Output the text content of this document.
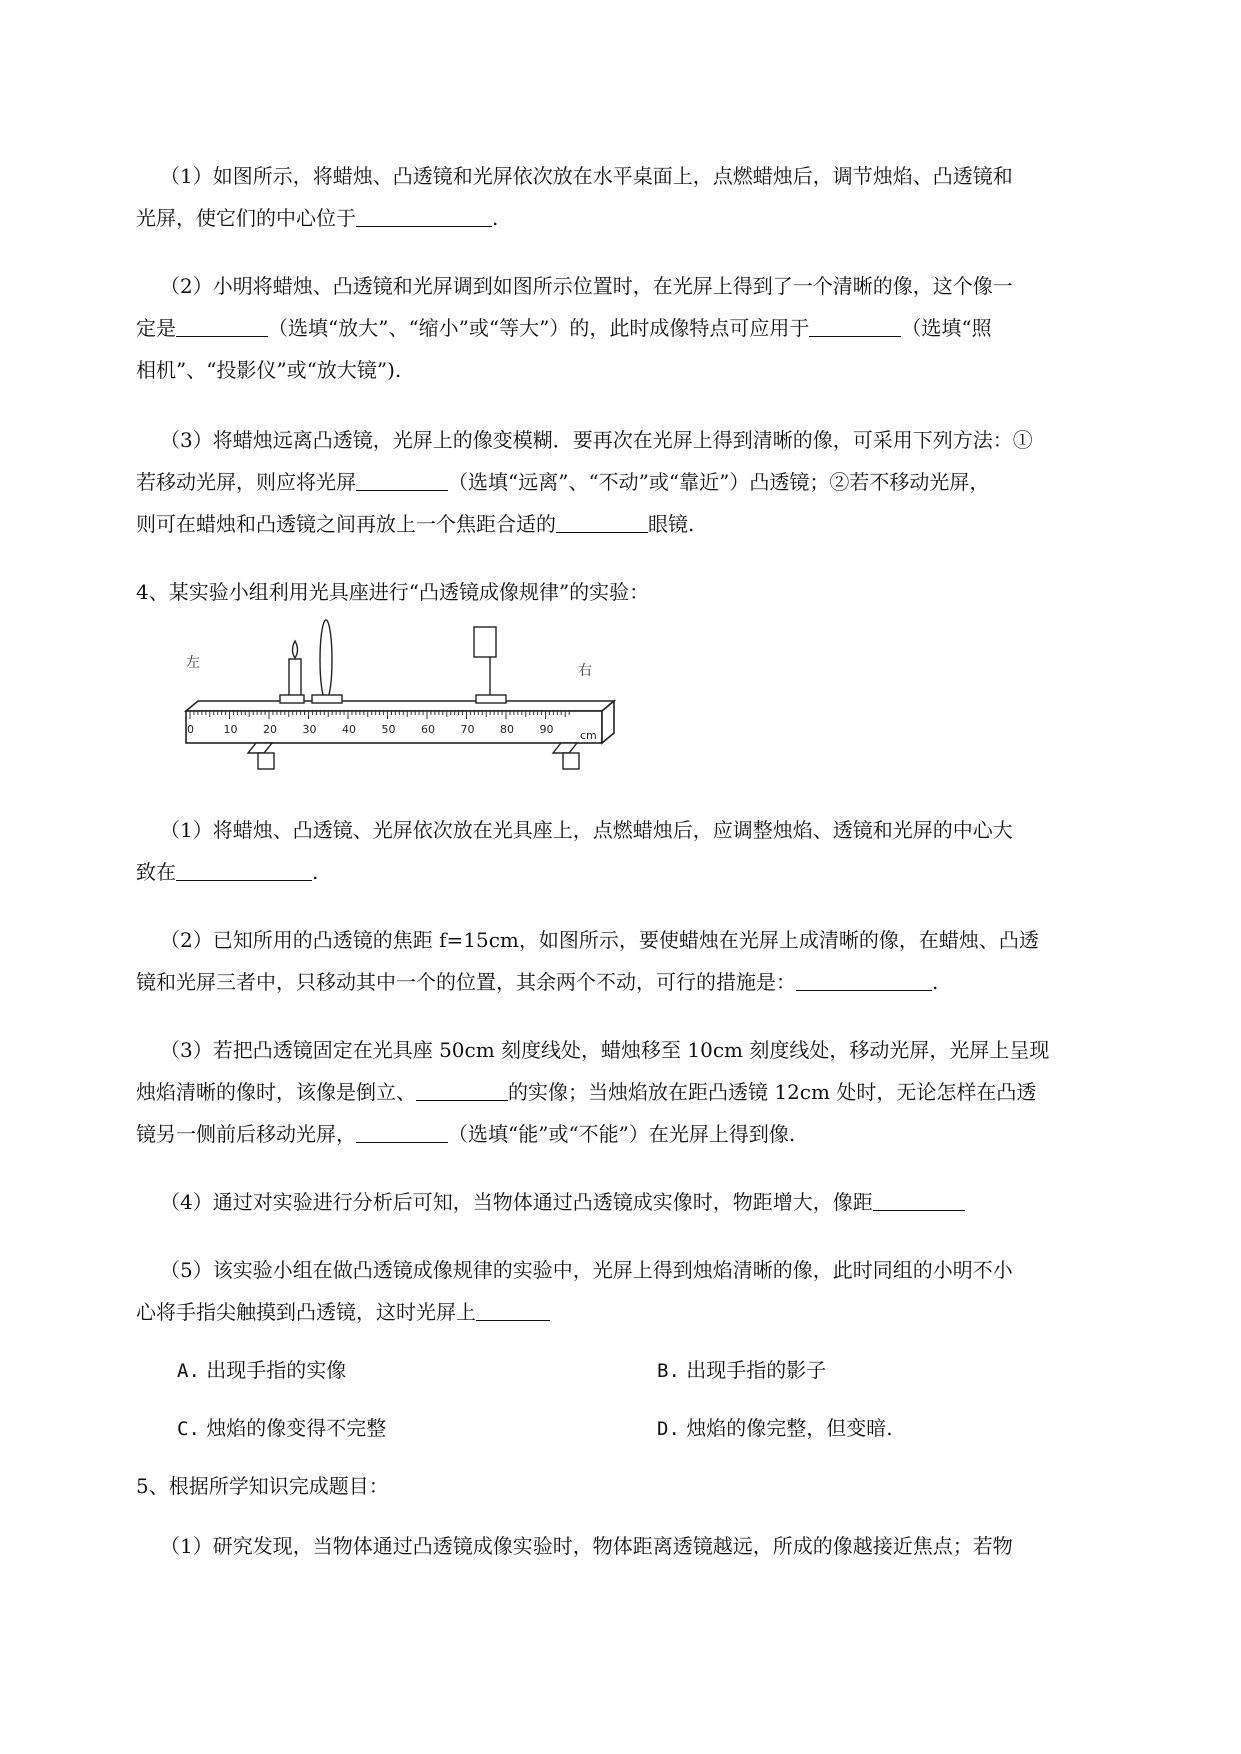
（1）如图所示，将蜡烛、凸透镜和光屏依次放在水平桌面上，点燃蜡烛后，调节烛焰、凸透镜和
光屏，使它们的中心位于	.
（2）小明将蜡烛、凸透镜和光屏调到如图所示位置时，在光屏上得到了一个清晰的像，这个像一
定是	（选填“放大”、“缩小”或“等大”）的，此时成像特点可应用于	（选填“照
相机”、“投影仪”或“放大镜”).
（3）将蜡烛远离凸透镜，光屏上的像变模糊．要再次在光屏上得到清晰的像，可采用下列方法：①
若移动光屏，则应将光屏	（选填“远离”、“不动”或“靠近”）凸透镜；②若不移动光屏，
则可在蜡烛和凸透镜之间再放上一个焦距合适的	眼镜.
4、某实验小组利用光具座进行“凸透镜成像规律”的实验：
左	右
0	10 20 30 40 50 60 70 80 90 cm
（1）将蜡烛、凸透镜、光屏依次放在光具座上，点燃蜡烛后，应调整烛焰、透镜和光屏的中心大
致在	.
（2）已知所用的凸透镜的焦距 f=15cm，如图所示，要使蜡烛在光屏上成清晰的像，在蜡烛、凸透
镜和光屏三者中，只移动其中一个的位置，其余两个不动，可行的措施是：	.
（3）若把凸透镜固定在光具座 50cm 刻度线处，蜡烛移至 10cm 刻度线处，移动光屏，光屏上呈现
烛焰清晰的像时，该像是倒立、	的实像；当烛焰放在距凸透镜 12cm 处时，无论怎样在凸透
镜另一侧前后移动光屏，	（选填“能”或“不能”）在光屏上得到像.
（4）通过对实验进行分析后可知，当物体通过凸透镜成实像时，物距增大，像距
（5）该实验小组在做凸透镜成像规律的实验中，光屏上得到烛焰清晰的像，此时同组的小明不小
心将手指尖触摸到凸透镜，这时光屏上
A. 出现手指的实像	B. 出现手指的影子
C. 烛焰的像变得不完整	D. 烛焰的像完整，但变暗.
5、根据所学知识完成题目：
（1）研究发现，当物体通过凸透镜成像实验时，物体距离透镜越远，所成的像越接近焦点；若物
